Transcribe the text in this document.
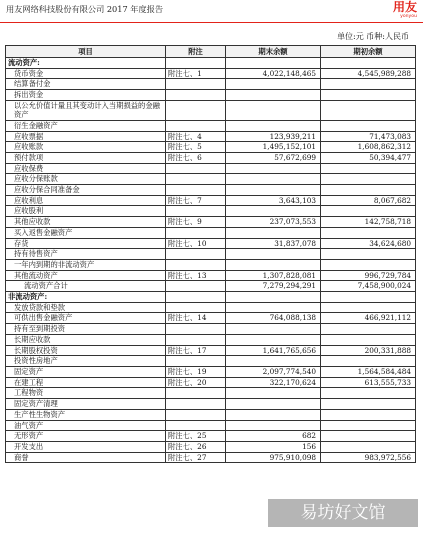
用友网络科技股份有限公司 2017 年度报告	用友
yonyou
单位:元 币种:人民币
项目	附注	期末余额	期初余额
流动资产:			
货币资金	附注七、1	4,022,148,465	4,545,989,288
结算备付金			
拆出资金			
以公允价值计量且其变动计入当期损益的金融资产			
衍生金融资产			
应收票据	附注七、4	123,939,211	71,473,083
应收账款	附注七、5	1,495,152,101	1,608,862,312
预付款项	附注七、6	57,672,699	50,394,477
应收保费			
应收分保账款			
应收分保合同准备金			
应收利息	附注七、7	3,643,103	8,067,682
应收股利			
其他应收款	附注七、9	237,073,553	142,758,718
买入返售金融资产			
存货	附注七、10	31,837,078	34,624,680
持有待售资产			
一年内到期的非流动资产			
其他流动资产	附注七、13	1,307,828,081	996,729,784
流动资产合计		7,279,294,291	7,458,900,024
非流动资产:			
发放贷款和垫款			
可供出售金融资产	附注七、14	764,088,138	466,921,112
持有至到期投资			
长期应收款			
长期股权投资	附注七、17	1,641,765,656	200,331,888
投资性房地产			
固定资产	附注七、19	2,097,774,540	1,564,584,484
在建工程	附注七、20	322,170,624	613,555,733
工程物资			
固定资产清理			
生产性生物资产			
油气资产			
无形资产	附注七、25	682	
开发支出	附注七、26	156	
商誉	附注七、27	975,910,098	983,972,556
易坊好文馆
